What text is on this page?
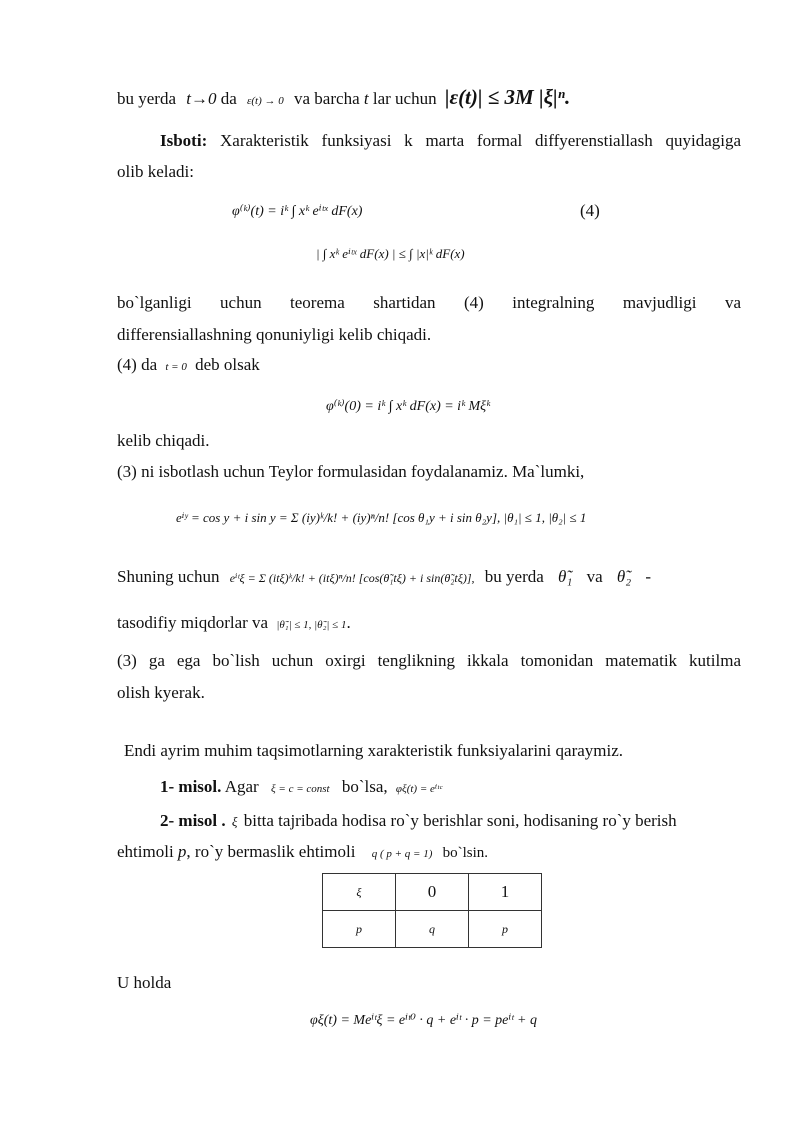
bu yerda t→0 da ε(t) → 0 va barcha t lar uchun |ε(t)| ≤ 3M |ξ|ⁿ.
Isboti: Xarakteristik funksiyasi k marta formal diffyerenstiallash quyidagiga
olib keladi:
φ⁽ᵏ⁾(t) = iᵏ ∫ xᵏ eⁱᵗˣ dF(x)	(4)
| ∫ xᵏ eⁱᵗˣ dF(x) | ≤ ∫ |x|ᵏ dF(x)
bo`lganligi uchun teorema shartidan (4) integralning mavjudligi va
differensiallashning qonuniyligi kelib chiqadi.
(4) da t = 0 deb olsak
φ⁽ᵏ⁾(0) = iᵏ ∫ xᵏ dF(x) = iᵏ Mξᵏ
kelib chiqadi.
(3) ni isbotlash uchun Teylor formulasidan foydalanamiz. Ma`lumki,
eⁱʸ = cos y + i sin y = Σ (iy)ᵏ/k! + (iy)ⁿ/n! [cos θ₁y + i sin θ₂y], |θ₁| ≤ 1, |θ₂| ≤ 1
Shuning uchun eⁱᵗξ = Σ (itξ)ᵏ/k! + (itξ)ⁿ/n! [cos(θ̃₁tξ) + i sin(θ̃₂tξ)], bu yerda θ̃₁ va θ̃₂ -
tasodifiy miqdorlar va |θ̃₁| ≤ 1, |θ̃₂| ≤ 1.
(3) ga ega bo`lish uchun oxirgi tenglikning ikkala tomonidan matematik kutilma
olish kyerak.
Endi ayrim muhim taqsimotlarning xarakteristik funksiyalarini qaraymiz.
1- misol. Agar ξ = c = const bo`lsa, φξ(t) = eⁱᵗᶜ
2- misol . ξ bitta tajribada hodisa ro`y berishlar soni, hodisaning ro`y berish
ehtimoli p, ro`y bermaslik ehtimoli q ( p + q = 1) bo`lsin.
ξ	0	1
p	q	p
U holda
φξ(t) = Meⁱᵗξ = eⁱᵗ⁰ · q + eⁱᵗ · p = peⁱᵗ + q
